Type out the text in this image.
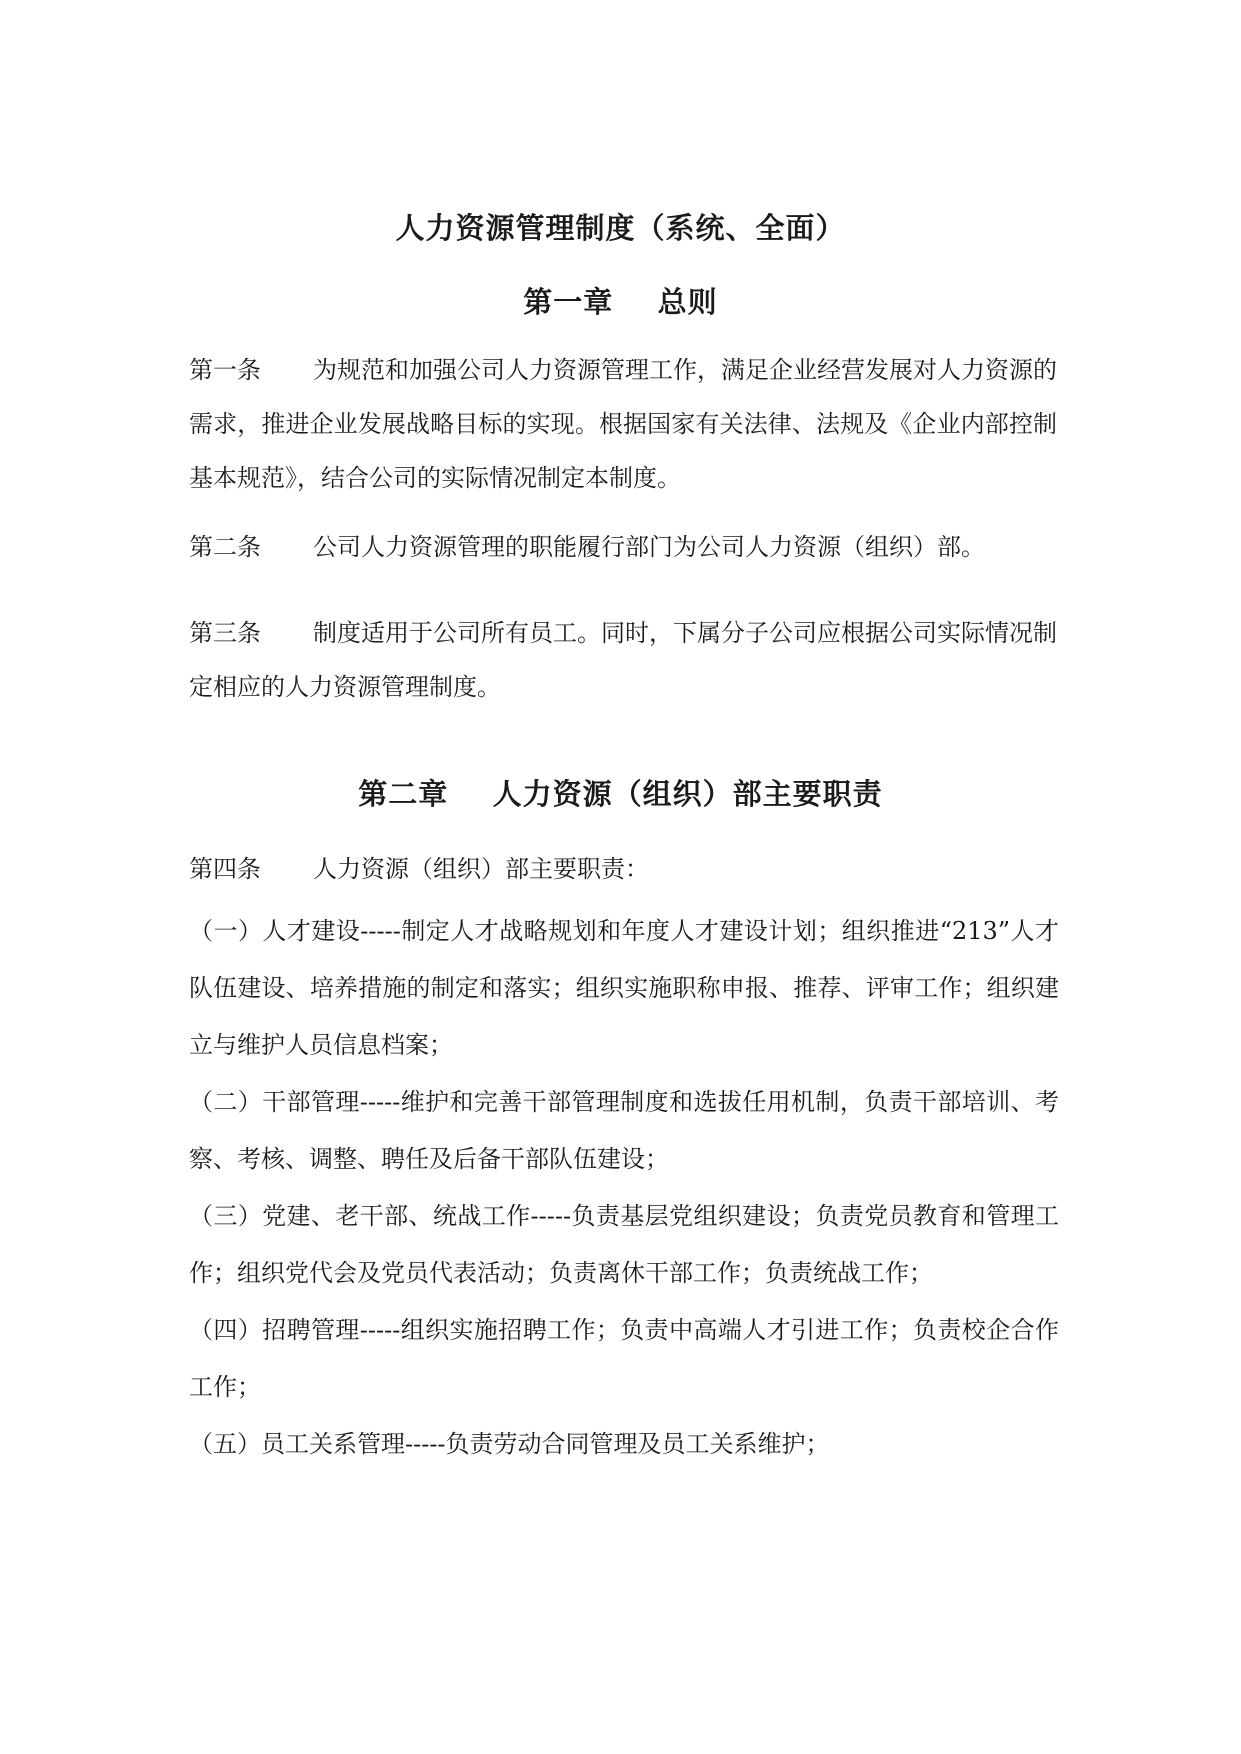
人力资源管理制度（系统、全面）
第一章    总则
第一条 为规范和加强公司人力资源管理工作，满足企业经营发展对人力资源的需求，推进企业发展战略目标的实现。根据国家有关法律、法规及《企业内部控制基本规范》，结合公司的实际情况制定本制度。
第二条 公司人力资源管理的职能履行部门为公司人力资源（组织）部。
第三条 制度适用于公司所有员工。同时，下属分子公司应根据公司实际情况制定相应的人力资源管理制度。
第二章    人力资源（组织）部主要职责
第四条 人力资源（组织）部主要职责：
（一）人才建设-----制定人才战略规划和年度人才建设计划；组织推进“213”人才队伍建设、培养措施的制定和落实；组织实施职称申报、推荐、评审工作；组织建立与维护人员信息档案；
（二）干部管理-----维护和完善干部管理制度和选拔任用机制，负责干部培训、考察、考核、调整、聘任及后备干部队伍建设；
（三）党建、老干部、统战工作-----负责基层党组织建设；负责党员教育和管理工作；组织党代会及党员代表活动；负责离休干部工作；负责统战工作；
（四）招聘管理-----组织实施招聘工作；负责中高端人才引进工作；负责校企合作工作；
（五）员工关系管理-----负责劳动合同管理及员工关系维护；
